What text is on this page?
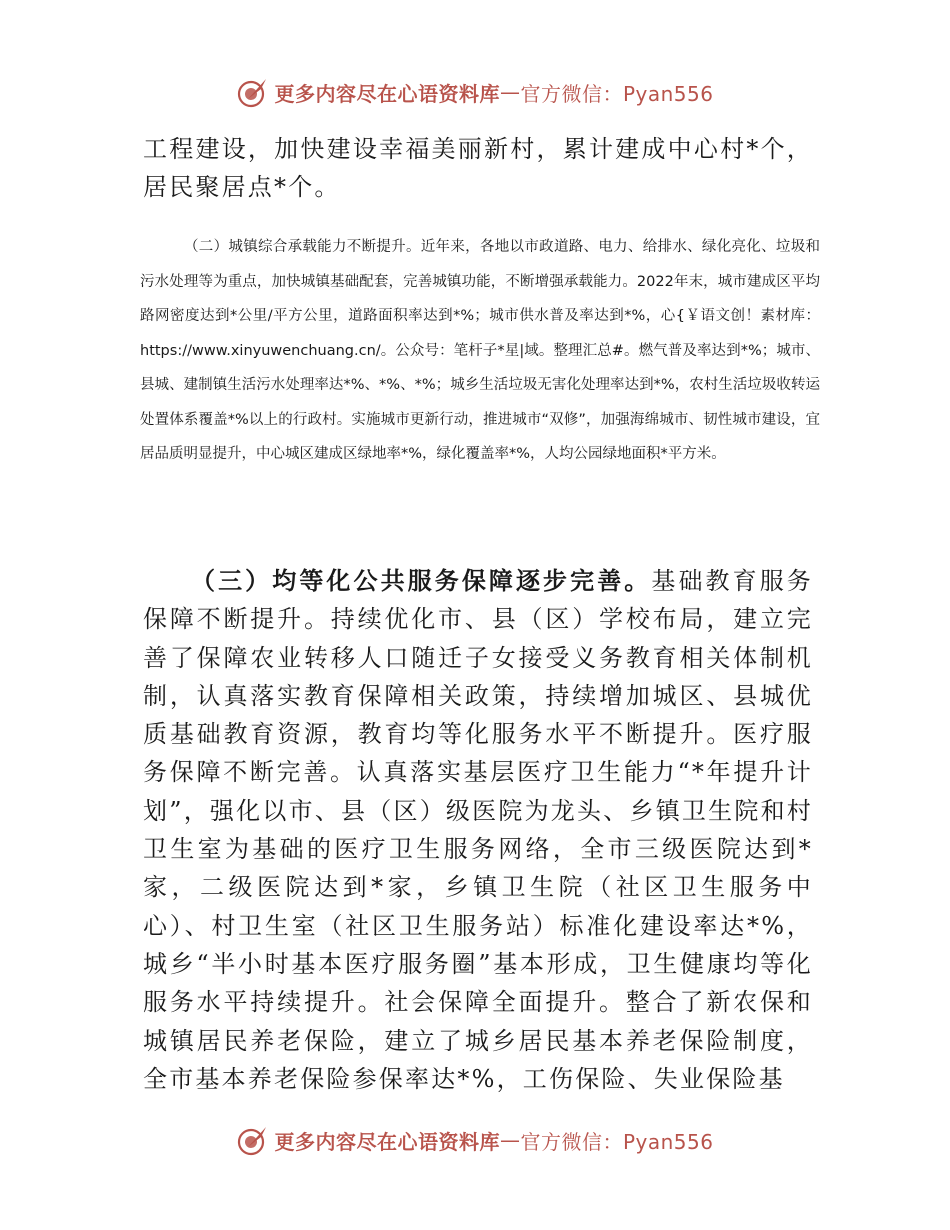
更多内容尽在心语资料库 — 官方微信：Pyan556

工程建设，加快建设幸福美丽新村，累计建成中心村*个，居民聚居点*个。

（二）城镇综合承载能力不断提升。近年来，各地以市政道路、电力、给排水、绿化亮化、垃圾和污水处理等为重点，加快城镇基础配套，完善城镇功能，不断增强承载能力。2022年末，城市建成区平均路网密度达到*公里/平方公里，道路面积率达到*%；城市供水普及率达到*%，心{￥语文创！素材库：https://www.xinyuwenchuang.cn/。公众号：笔杆子*星|域。整理汇总#。燃气普及率达到*%；城市、县城、建制镇生活污水处理率达*%、*%、*%；城乡生活垃圾无害化处理率达到*%，农村生活垃圾收转运处置体系覆盖*%以上的行政村。实施城市更新行动，推进城市“双修”，加强海绵城市、韧性城市建设，宜居品质明显提升，中心城区建成区绿地率*%，绿化覆盖率*%，人均公园绿地面积*平方米。

（三）均等化公共服务保障逐步完善。基础教育服务保障不断提升。持续优化市、县（区）学校布局，建立完善了保障农业转移人口随迁子女接受义务教育相关体制机制，认真落实教育保障相关政策，持续增加城区、县城优质基础教育资源，教育均等化服务水平不断提升。医疗服务保障不断完善。认真落实基层医疗卫生能力“*年提升计划”，强化以市、县（区）级医院为龙头、乡镇卫生院和村卫生室为基础的医疗卫生服务网络，全市三级医院达到*家，二级医院达到*家，乡镇卫生院（社区卫生服务中心）、村卫生室（社区卫生服务站）标准化建设率达*%，城乡“半小时基本医疗服务圈”基本形成，卫生健康均等化服务水平持续提升。社会保障全面提升。整合了新农保和城镇居民养老保险，建立了城乡居民基本养老保险制度，全市基本养老保险参保率达*%，工伤保险、失业保险基

更多内容尽在心语资料库 — 官方微信：Pyan556
